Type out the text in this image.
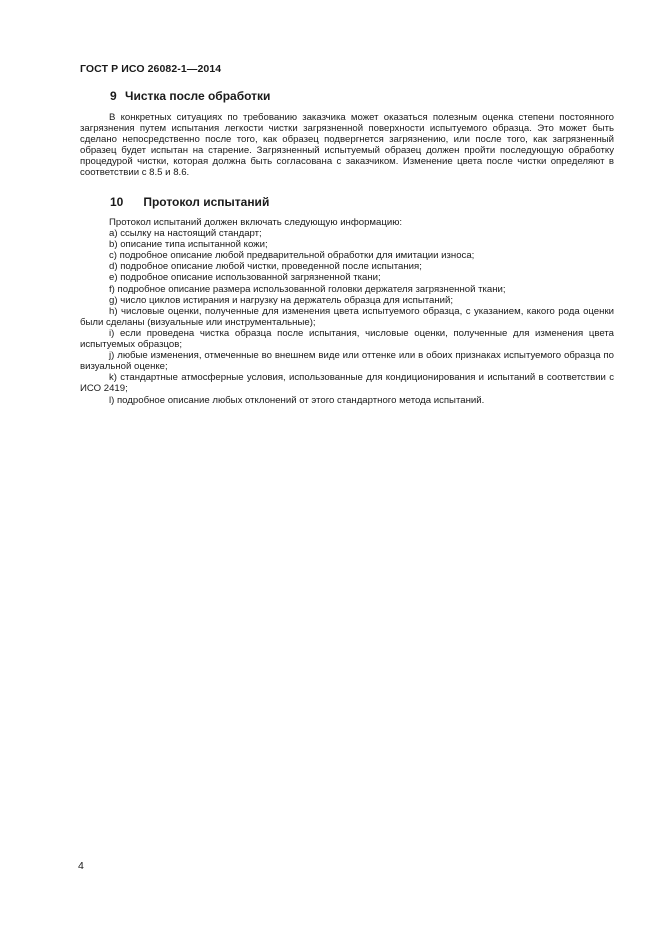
ГОСТ Р ИСО 26082-1—2014
9 Чистка после обработки

В конкретных ситуациях по требованию заказчика может оказаться полезным оценка степени постоянного загрязнения путем испытания легкости чистки загрязненной поверхности испытуемого образца. Это может быть сделано непосредственно после того, как образец подвергнется загрязнению, или после того, как загрязненный образец будет испытан на старение. Загрязненный испытуемый образец должен пройти последующую обработку процедурой чистки, которая должна быть согласована с заказчиком. Изменение цвета после чистки определяют в соответствии с 8.5 и 8.6.

10 Протокол испытаний

Протокол испытаний должен включать следующую информацию:

a) ссылку на настоящий стандарт;

b) описание типа испытанной кожи;

c) подробное описание любой предварительной обработки для имитации износа;

d) подробное описание любой чистки, проведенной после испытания;

e) подробное описание использованной загрязненной ткани;

f) подробное описание размера использованной головки держателя загрязненной ткани;

g) число циклов истирания и нагрузку на держатель образца для испытаний;

h) числовые оценки, полученные для изменения цвета испытуемого образца, с указанием, какого рода оценки были сделаны (визуальные или инструментальные);

i) если проведена чистка образца после испытания, числовые оценки, полученные для изменения цвета испытуемых образцов;

j) любые изменения, отмеченные во внешнем виде или оттенке или в обоих признаках испытуемого образца по визуальной оценке;

k) стандартные атмосферные условия, использованные для кондиционирования и испытаний в соответствии с ИСО 2419;

l) подробное описание любых отклонений от этого стандартного метода испытаний.

4
